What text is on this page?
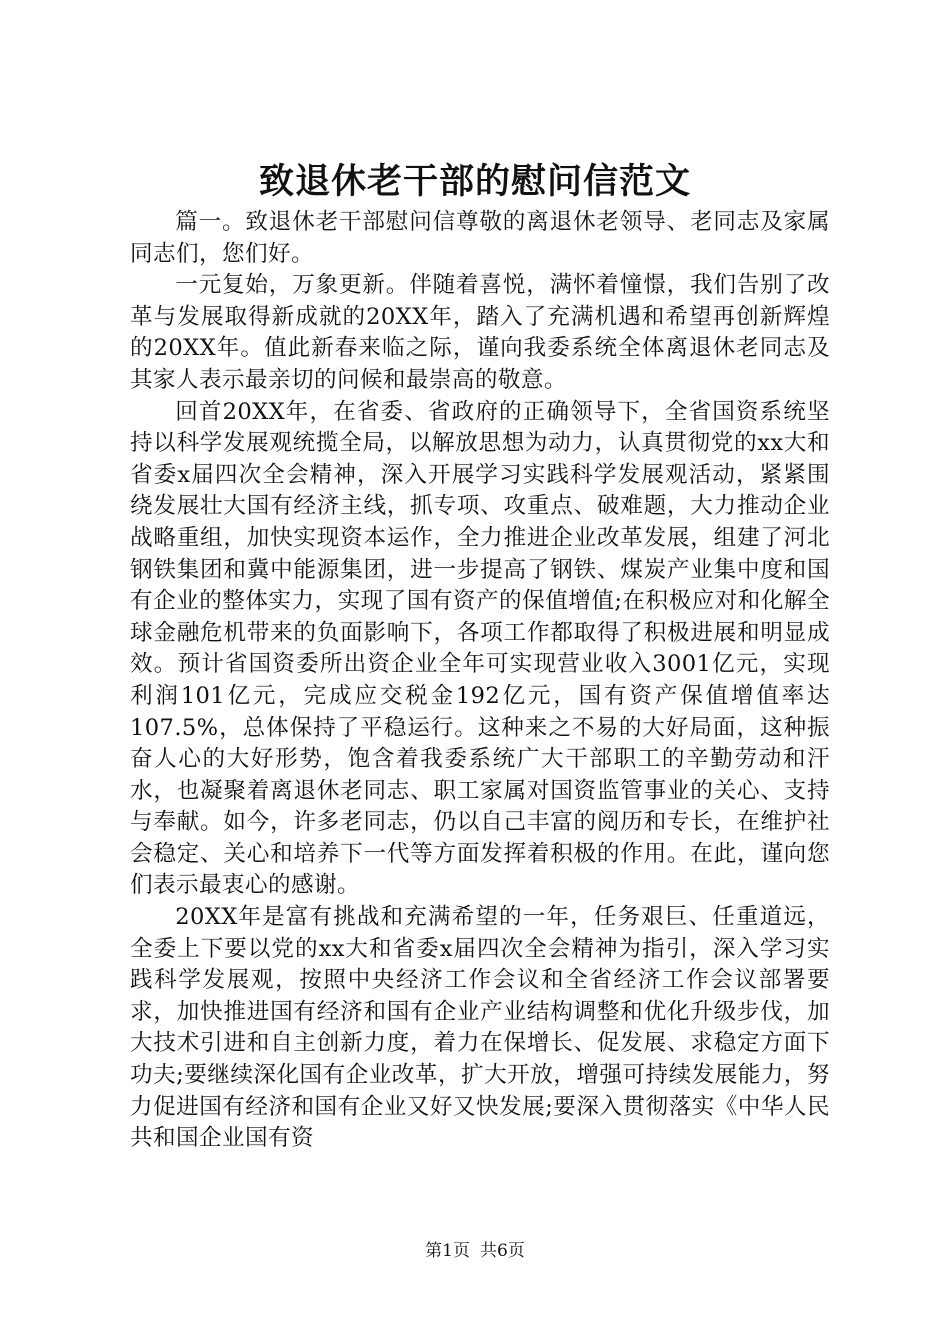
致退休老干部的慰问信范文

篇一。致退休老干部慰问信尊敬的离退休老领导、老同志及家属同志们，您们好。

一元复始，万象更新。伴随着喜悦，满怀着憧憬，我们告别了改革与发展取得新成就的20XX年，踏入了充满机遇和希望再创新辉煌的20XX年。值此新春来临之际，谨向我委系统全体离退休老同志及其家人表示最亲切的问候和最崇高的敬意。

回首20XX年，在省委、省政府的正确领导下，全省国资系统坚持以科学发展观统揽全局，以解放思想为动力，认真贯彻党的xx大和省委x届四次全会精神，深入开展学习实践科学发展观活动，紧紧围绕发展壮大国有经济主线，抓专项、攻重点、破难题，大力推动企业战略重组，加快实现资本运作，全力推进企业改革发展，组建了河北钢铁集团和冀中能源集团，进一步提高了钢铁、煤炭产业集中度和国有企业的整体实力，实现了国有资产的保值增值;在积极应对和化解全球金融危机带来的负面影响下，各项工作都取得了积极进展和明显成效。预计省国资委所出资企业全年可实现营业收入3001亿元，实现利润101亿元，完成应交税金192亿元，国有资产保值增值率达107.5%，总体保持了平稳运行。这种来之不易的大好局面，这种振奋人心的大好形势，饱含着我委系统广大干部职工的辛勤劳动和汗水，也凝聚着离退休老同志、职工家属对国资监管事业的关心、支持与奉献。如今，许多老同志，仍以自己丰富的阅历和专长，在维护社会稳定、关心和培养下一代等方面发挥着积极的作用。在此，谨向您们表示最衷心的感谢。

20XX年是富有挑战和充满希望的一年，任务艰巨、任重道远，全委上下要以党的xx大和省委x届四次全会精神为指引，深入学习实践科学发展观，按照中央经济工作会议和全省经济工作会议部署要求，加快推进国有经济和国有企业产业结构调整和优化升级步伐，加大技术引进和自主创新力度，着力在保增长、促发展、求稳定方面下功夫;要继续深化国有企业改革，扩大开放，增强可持续发展能力，努力促进国有经济和国有企业又好又快发展;要深入贯彻落实《中华人民共和国企业国有资

第1页 共6页
